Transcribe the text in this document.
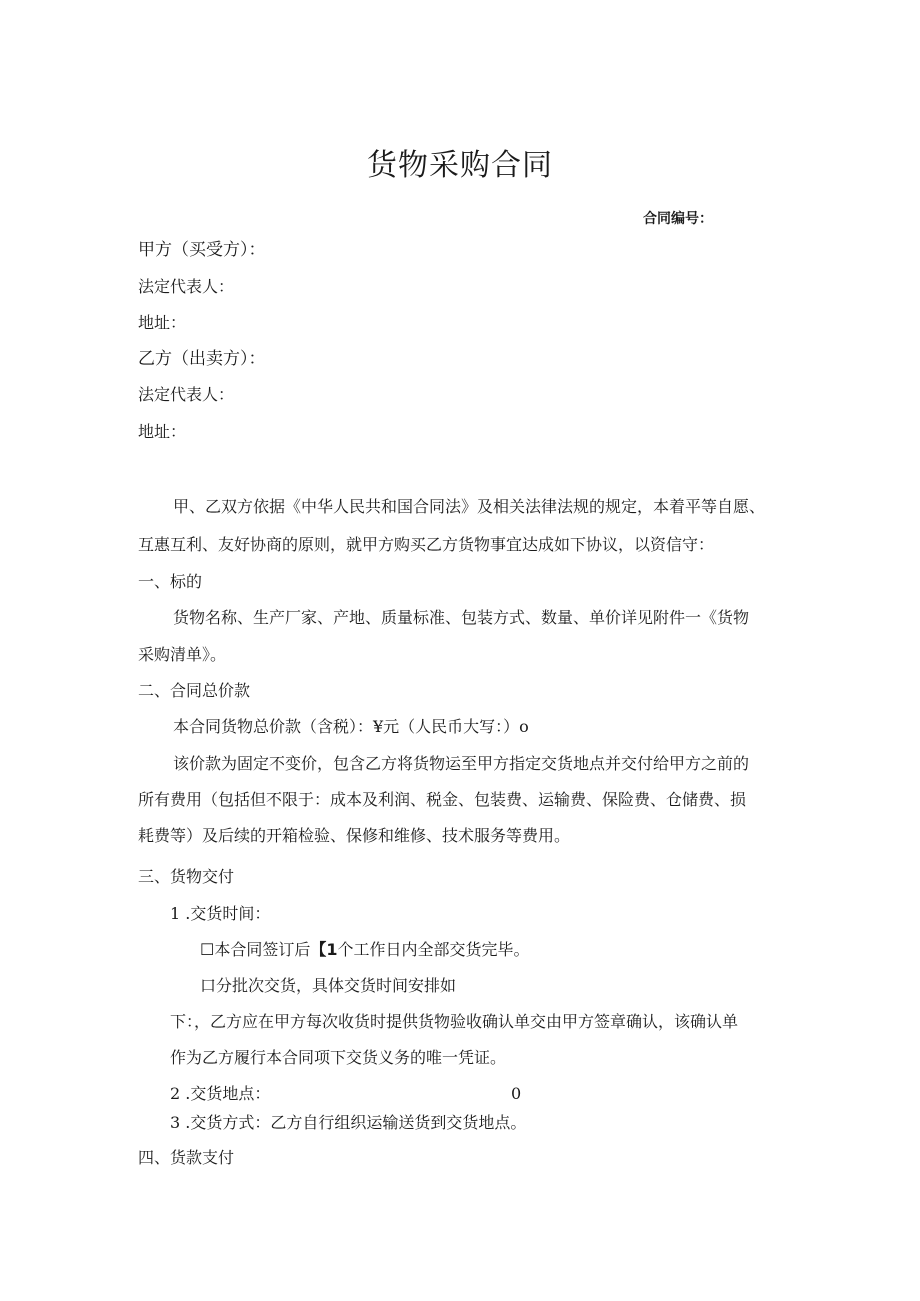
货物采购合同
合同编号：
甲方（买受方）：
法定代表人：
地址：
乙方（出卖方）：
法定代表人：
地址：
甲、乙双方依据《中华人民共和国合同法》及相关法律法规的规定，本着平等自愿、
互惠互利、友好协商的原则，就甲方购买乙方货物事宜达成如下协议，以资信守：
一、标的
货物名称、生产厂家、产地、质量标准、包装方式、数量、单价详见附件一《货物
采购清单》。
二、合同总价款
本合同货物总价款（含税）：¥元（人民币大写：）o
该价款为固定不变价，包含乙方将货物运至甲方指定交货地点并交付给甲方之前的
所有费用（包括但不限于：成本及利润、税金、包装费、运输费、保险费、仓储费、损
耗费等）及后续的开箱检验、保修和维修、技术服务等费用。
三、货物交付
1 .交货时间：
☐本合同签订后【1个工作日内全部交货完毕。
口分批次交货，具体交货时间安排如
下：，乙方应在甲方每次收货时提供货物验收确认单交由甲方签章确认，该确认单
作为乙方履行本合同项下交货义务的唯一凭证。
2 .交货地点：	0
3 .交货方式：乙方自行组织运输送货到交货地点。
四、货款支付
